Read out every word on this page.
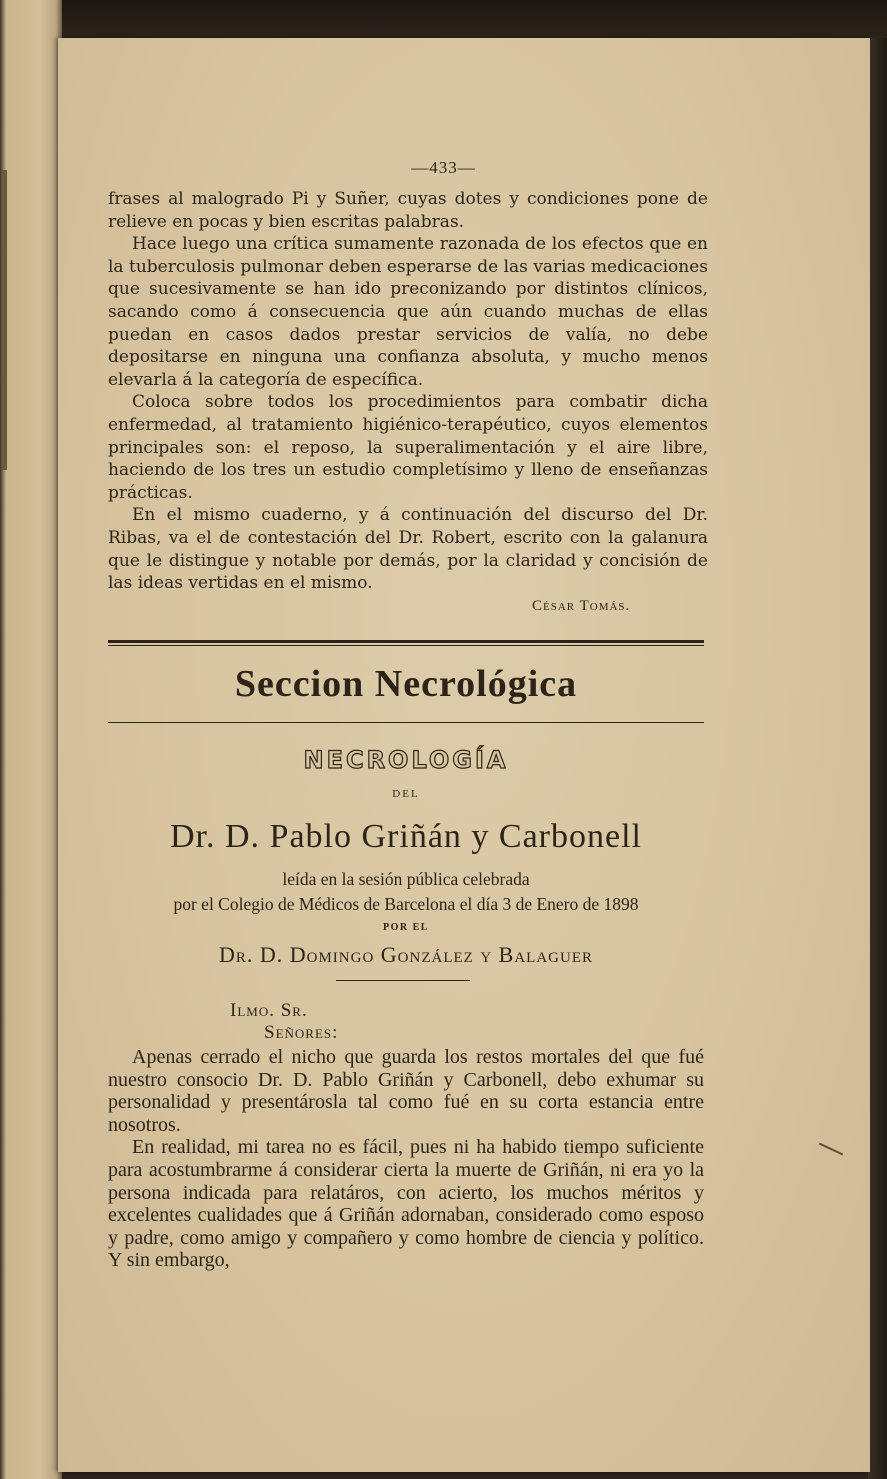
—433—

frases al malogrado Pi y Suñer, cuyas dotes y condiciones pone de relieve en pocas y bien escritas palabras.

Hace luego una crítica sumamente razonada de los efectos que en la tuberculosis pulmonar deben esperarse de las varias medicaciones que sucesivamente se han ido preconizando por distintos clínicos, sacando como á consecuencia que aún cuando muchas de ellas puedan en casos dados prestar servicios de valía, no debe depositarse en ninguna una confianza absoluta, y mucho menos elevarla á la categoría de específica.

Coloca sobre todos los procedimientos para combatir dicha enfermedad, al tratamiento higiénico-terapéutico, cuyos elementos principales son: el reposo, la superalimentación y el aire libre, haciendo de los tres un estudio completísimo y lleno de enseñanzas prácticas.

En el mismo cuaderno, y á continuación del discurso del Dr. Ribas, va el de contestación del Dr. Robert, escrito con la galanura que le distingue y notable por demás, por la claridad y concisión de las ideas vertidas en el mismo.

César Tomás.
Seccion Necrológica
NECROLOGÍA
DEL
Dr. D. Pablo Griñán y Carbonell
leída en la sesión pública celebrada
por el Colegio de Médicos de Barcelona el día 3 de Enero de 1898
POR EL
Dr. D. Domingo González y Balaguer
Ilmo. Sr.
Señores:

Apenas cerrado el nicho que guarda los restos mortales del que fué nuestro consocio Dr. D. Pablo Griñán y Carbonell, debo exhumar su personalidad y presentárosla tal como fué en su corta estancia entre nosotros.

En realidad, mi tarea no es fácil, pues ni ha habido tiempo suficiente para acostumbrarme á considerar cierta la muerte de Griñán, ni era yo la persona indicada para relatáros, con acierto, los muchos méritos y excelentes cualidades que á Griñán adornaban, considerado como esposo y padre, como amigo y compañero y como hombre de ciencia y político. Y sin embargo,
